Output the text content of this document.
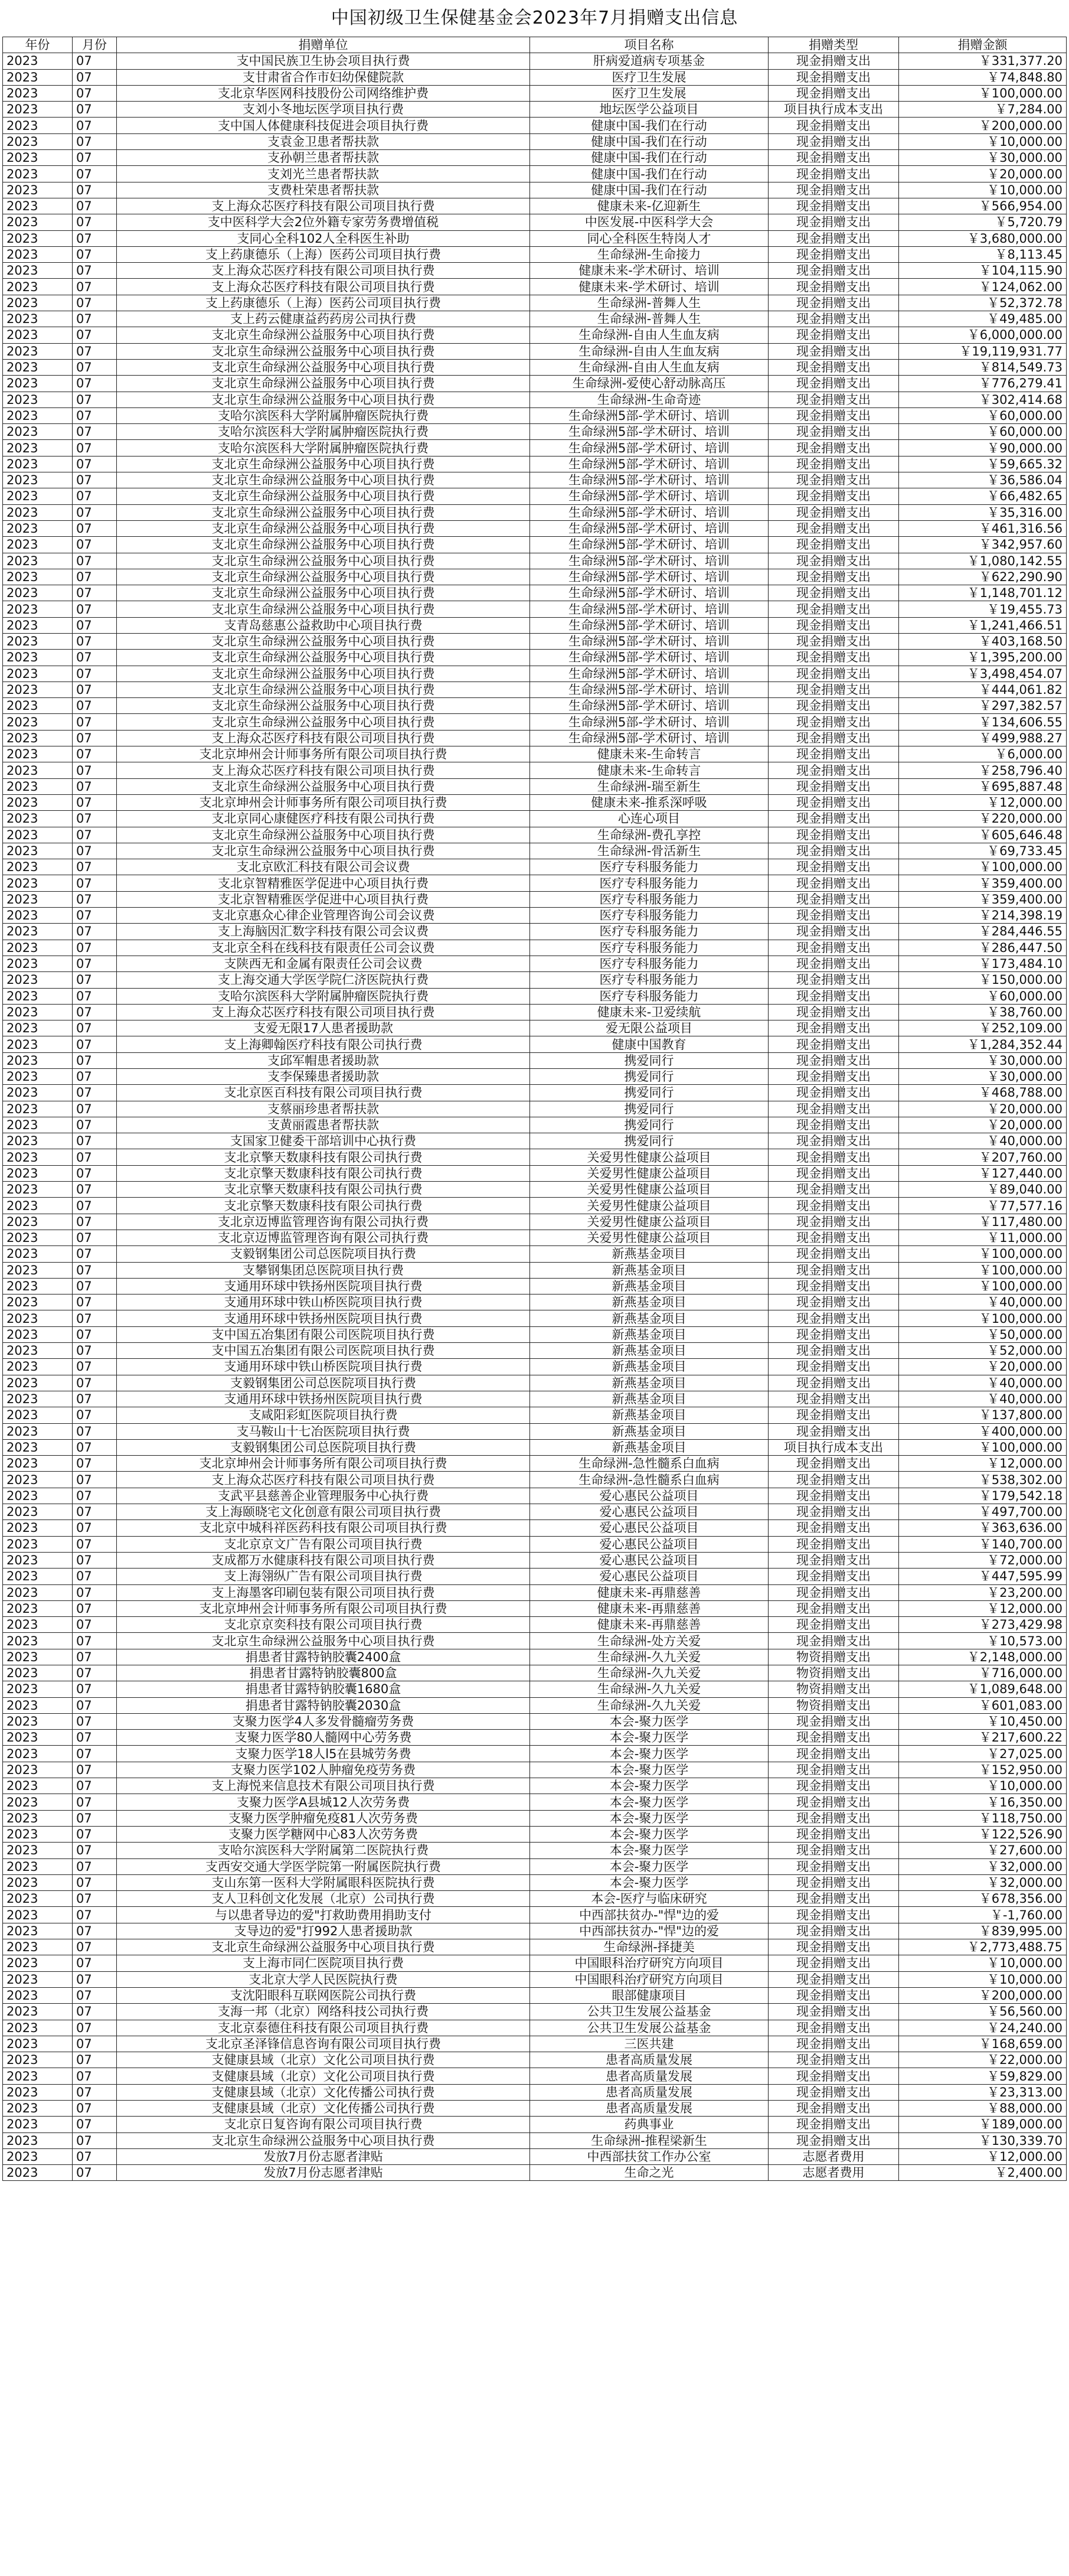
中国初级卫生保健基金会2023年7月捐赠支出信息
年份	月份	捐赠单位	项目名称	捐赠类型	捐赠金额
2023	07	支中国民族卫生协会项目执行费	肝病爱道病专项基金	现金捐赠支出	￥331,377.20
2023	07	支甘肃省合作市妇幼保健院款	医疗卫生发展	现金捐赠支出	￥74,848.80
2023	07	支北京华医网科技股份公司网络维护费	医疗卫生发展	现金捐赠支出	￥100,000.00
2023	07	支刘小冬地坛医学项目执行费	地坛医学公益项目	项目执行成本支出	￥7,284.00
2023	07	支中国人体健康科技促进会项目执行费	健康中国-我们在行动	现金捐赠支出	￥200,000.00
2023	07	支袁金卫患者帮扶款	健康中国-我们在行动	现金捐赠支出	￥10,000.00
2023	07	支孙朝兰患者帮扶款	健康中国-我们在行动	现金捐赠支出	￥30,000.00
2023	07	支刘光兰患者帮扶款	健康中国-我们在行动	现金捐赠支出	￥20,000.00
2023	07	支费杜荣患者帮扶款	健康中国-我们在行动	现金捐赠支出	￥10,000.00
2023	07	支上海众芯医疗科技有限公司项目执行费	健康未来-亿迎新生	现金捐赠支出	￥566,954.00
2023	07	支中医科学大会2位外籍专家劳务费增值税	中医发展-中医科学大会	现金捐赠支出	￥5,720.79
2023	07	支同心全科102人全科医生补助	同心全科医生特岗人才	现金捐赠支出	￥3,680,000.00
2023	07	支上药康德乐（上海）医药公司项目执行费	生命绿洲-生命接力	现金捐赠支出	￥8,113.45
2023	07	支上海众芯医疗科技有限公司项目执行费	健康未来-学术研讨、培训	现金捐赠支出	￥104,115.90
2023	07	支上海众芯医疗科技有限公司项目执行费	健康未来-学术研讨、培训	现金捐赠支出	￥124,062.00
2023	07	支上药康德乐（上海）医药公司项目执行费	生命绿洲-普舞人生	现金捐赠支出	￥52,372.78
2023	07	支上药云健康益药药房公司执行费	生命绿洲-普舞人生	现金捐赠支出	￥49,485.00
2023	07	支北京生命绿洲公益服务中心项目执行费	生命绿洲-自由人生血友病	现金捐赠支出	￥6,000,000.00
2023	07	支北京生命绿洲公益服务中心项目执行费	生命绿洲-自由人生血友病	现金捐赠支出	￥19,119,931.77
2023	07	支北京生命绿洲公益服务中心项目执行费	生命绿洲-自由人生血友病	现金捐赠支出	￥814,549.73
2023	07	支北京生命绿洲公益服务中心项目执行费	生命绿洲-爱使心舒动脉高压	现金捐赠支出	￥776,279.41
2023	07	支北京生命绿洲公益服务中心项目执行费	生命绿洲-生命奇迹	现金捐赠支出	￥302,414.68
2023	07	支哈尔滨医科大学附属肿瘤医院执行费	生命绿洲5部-学术研讨、培训	现金捐赠支出	￥60,000.00
2023	07	支哈尔滨医科大学附属肿瘤医院执行费	生命绿洲5部-学术研讨、培训	现金捐赠支出	￥60,000.00
2023	07	支哈尔滨医科大学附属肿瘤医院执行费	生命绿洲5部-学术研讨、培训	现金捐赠支出	￥90,000.00
2023	07	支北京生命绿洲公益服务中心项目执行费	生命绿洲5部-学术研讨、培训	现金捐赠支出	￥59,665.32
2023	07	支北京生命绿洲公益服务中心项目执行费	生命绿洲5部-学术研讨、培训	现金捐赠支出	￥36,586.04
2023	07	支北京生命绿洲公益服务中心项目执行费	生命绿洲5部-学术研讨、培训	现金捐赠支出	￥66,482.65
2023	07	支北京生命绿洲公益服务中心项目执行费	生命绿洲5部-学术研讨、培训	现金捐赠支出	￥35,316.00
2023	07	支北京生命绿洲公益服务中心项目执行费	生命绿洲5部-学术研讨、培训	现金捐赠支出	￥461,316.56
2023	07	支北京生命绿洲公益服务中心项目执行费	生命绿洲5部-学术研讨、培训	现金捐赠支出	￥342,957.60
2023	07	支北京生命绿洲公益服务中心项目执行费	生命绿洲5部-学术研讨、培训	现金捐赠支出	￥1,080,142.55
2023	07	支北京生命绿洲公益服务中心项目执行费	生命绿洲5部-学术研讨、培训	现金捐赠支出	￥622,290.90
2023	07	支北京生命绿洲公益服务中心项目执行费	生命绿洲5部-学术研讨、培训	现金捐赠支出	￥1,148,701.12
2023	07	支北京生命绿洲公益服务中心项目执行费	生命绿洲5部-学术研讨、培训	现金捐赠支出	￥19,455.73
2023	07	支青岛慈惠公益救助中心项目执行费	生命绿洲5部-学术研讨、培训	现金捐赠支出	￥1,241,466.51
2023	07	支北京生命绿洲公益服务中心项目执行费	生命绿洲5部-学术研讨、培训	现金捐赠支出	￥403,168.50
2023	07	支北京生命绿洲公益服务中心项目执行费	生命绿洲5部-学术研讨、培训	现金捐赠支出	￥1,395,200.00
2023	07	支北京生命绿洲公益服务中心项目执行费	生命绿洲5部-学术研讨、培训	现金捐赠支出	￥3,498,454.07
2023	07	支北京生命绿洲公益服务中心项目执行费	生命绿洲5部-学术研讨、培训	现金捐赠支出	￥444,061.82
2023	07	支北京生命绿洲公益服务中心项目执行费	生命绿洲5部-学术研讨、培训	现金捐赠支出	￥297,382.57
2023	07	支北京生命绿洲公益服务中心项目执行费	生命绿洲5部-学术研讨、培训	现金捐赠支出	￥134,606.55
2023	07	支上海众芯医疗科技有限公司项目执行费	生命绿洲5部-学术研讨、培训	现金捐赠支出	￥499,988.27
2023	07	支北京坤州会计师事务所有限公司项目执行费	健康未来-生命转言	现金捐赠支出	￥6,000.00
2023	07	支上海众芯医疗科技有限公司项目执行费	健康未来-生命转言	现金捐赠支出	￥258,796.40
2023	07	支北京生命绿洲公益服务中心项目执行费	生命绿洲-瑞至新生	现金捐赠支出	￥695,887.48
2023	07	支北京坤州会计师事务所有限公司项目执行费	健康未来-推系深呼吸	现金捐赠支出	￥12,000.00
2023	07	支北京同心康健医疗科技有限公司执行费	心连心项目	现金捐赠支出	￥220,000.00
2023	07	支北京生命绿洲公益服务中心项目执行费	生命绿洲-费孔享控	现金捐赠支出	￥605,646.48
2023	07	支北京生命绿洲公益服务中心项目执行费	生命绿洲-骨活新生	现金捐赠支出	￥69,733.45
2023	07	支北京欧汇科技有限公司会议费	医疗专科服务能力	现金捐赠支出	￥100,000.00
2023	07	支北京智精雅医学促进中心项目执行费	医疗专科服务能力	现金捐赠支出	￥359,400.00
2023	07	支北京智精雅医学促进中心项目执行费	医疗专科服务能力	现金捐赠支出	￥359,400.00
2023	07	支北京惠众心律企业管理咨询公司会议费	医疗专科服务能力	现金捐赠支出	￥214,398.19
2023	07	支上海脑因汇数字科技有限公司会议费	医疗专科服务能力	现金捐赠支出	￥284,446.55
2023	07	支北京全科在线科技有限责任公司会议费	医疗专科服务能力	现金捐赠支出	￥286,447.50
2023	07	支陕西无和金属有限责任公司会议费	医疗专科服务能力	现金捐赠支出	￥173,484.10
2023	07	支上海交通大学医学院仁济医院执行费	医疗专科服务能力	现金捐赠支出	￥150,000.00
2023	07	支哈尔滨医科大学附属肿瘤医院执行费	医疗专科服务能力	现金捐赠支出	￥60,000.00
2023	07	支上海众芯医疗科技有限公司项目执行费	健康未来-卫爱续航	现金捐赠支出	￥38,760.00
2023	07	支爱无限17人患者援助款	爱无限公益项目	现金捐赠支出	￥252,109.00
2023	07	支上海卿翰医疗科技有限公司执行费	健康中国教育	现金捐赠支出	￥1,284,352.44
2023	07	支邱军帽患者援助款	携爱同行	现金捐赠支出	￥30,000.00
2023	07	支李保臻患者援助款	携爱同行	现金捐赠支出	￥30,000.00
2023	07	支北京医百科技有限公司项目执行费	携爱同行	现金捐赠支出	￥468,788.00
2023	07	支蔡丽珍患者帮扶款	携爱同行	现金捐赠支出	￥20,000.00
2023	07	支黄丽霞患者帮扶款	携爱同行	现金捐赠支出	￥20,000.00
2023	07	支国家卫健委干部培训中心执行费	携爱同行	现金捐赠支出	￥40,000.00
2023	07	支北京擎天数康科技有限公司执行费	关爱男性健康公益项目	现金捐赠支出	￥207,760.00
2023	07	支北京擎天数康科技有限公司执行费	关爱男性健康公益项目	现金捐赠支出	￥127,440.00
2023	07	支北京擎天数康科技有限公司执行费	关爱男性健康公益项目	现金捐赠支出	￥89,040.00
2023	07	支北京擎天数康科技有限公司执行费	关爱男性健康公益项目	现金捐赠支出	￥77,577.16
2023	07	支北京迈博监管理咨询有限公司执行费	关爱男性健康公益项目	现金捐赠支出	￥117,480.00
2023	07	支北京迈博监管理咨询有限公司执行费	关爱男性健康公益项目	现金捐赠支出	￥11,000.00
2023	07	支毅钢集团公司总医院项目执行费	新燕基金项目	现金捐赠支出	￥100,000.00
2023	07	支攀钢集团总医院项目执行费	新燕基金项目	现金捐赠支出	￥100,000.00
2023	07	支通用环球中铁扬州医院项目执行费	新燕基金项目	现金捐赠支出	￥100,000.00
2023	07	支通用环球中铁山桥医院项目执行费	新燕基金项目	现金捐赠支出	￥40,000.00
2023	07	支通用环球中铁扬州医院项目执行费	新燕基金项目	现金捐赠支出	￥100,000.00
2023	07	支中国五冶集团有限公司医院项目执行费	新燕基金项目	现金捐赠支出	￥50,000.00
2023	07	支中国五冶集团有限公司医院项目执行费	新燕基金项目	现金捐赠支出	￥52,000.00
2023	07	支通用环球中铁山桥医院项目执行费	新燕基金项目	现金捐赠支出	￥20,000.00
2023	07	支毅钢集团公司总医院项目执行费	新燕基金项目	现金捐赠支出	￥40,000.00
2023	07	支通用环球中铁扬州医院项目执行费	新燕基金项目	现金捐赠支出	￥40,000.00
2023	07	支咸阳彩虹医院项目执行费	新燕基金项目	现金捐赠支出	￥137,800.00
2023	07	支马鞍山十七冶医院项目执行费	新燕基金项目	现金捐赠支出	￥400,000.00
2023	07	支毅钢集团公司总医院项目执行费	新燕基金项目	项目执行成本支出	￥100,000.00
2023	07	支北京坤州会计师事务所有限公司项目执行费	生命绿洲-急性髓系白血病	现金捐赠支出	￥12,000.00
2023	07	支上海众芯医疗科技有限公司项目执行费	生命绿洲-急性髓系白血病	现金捐赠支出	￥538,302.00
2023	07	支武平县慈善企业管理服务中心执行费	爱心惠民公益项目	现金捐赠支出	￥179,542.18
2023	07	支上海颐晓宅文化创意有限公司项目执行费	爱心惠民公益项目	现金捐赠支出	￥497,700.00
2023	07	支北京中城科祥医药科技有限公司项目执行费	爱心惠民公益项目	现金捐赠支出	￥363,636.00
2023	07	支北京京文广告有限公司项目执行费	爱心惠民公益项目	现金捐赠支出	￥140,700.00
2023	07	支成都万水健康科技有限公司项目执行费	爱心惠民公益项目	现金捐赠支出	￥72,000.00
2023	07	支上海翎纵广告有限公司项目执行费	爱心惠民公益项目	现金捐赠支出	￥447,595.99
2023	07	支上海墨客印刷包装有限公司项目执行费	健康未来-再鼎慈善	现金捐赠支出	￥23,200.00
2023	07	支北京坤州会计师事务所有限公司项目执行费	健康未来-再鼎慈善	现金捐赠支出	￥12,000.00
2023	07	支北京京奕科技有限公司项目执行费	健康未来-再鼎慈善	现金捐赠支出	￥273,429.98
2023	07	支北京生命绿洲公益服务中心项目执行费	生命绿洲-处方关爱	现金捐赠支出	￥10,573.00
2023	07	捐患者甘露特钠胶囊2400盒	生命绿洲-久九关爱	物资捐赠支出	￥2,148,000.00
2023	07	捐患者甘露特钠胶囊800盒	生命绿洲-久九关爱	物资捐赠支出	￥716,000.00
2023	07	捐患者甘露特钠胶囊1680盒	生命绿洲-久九关爱	物资捐赠支出	￥1,089,648.00
2023	07	捐患者甘露特钠胶囊2030盒	生命绿洲-久九关爱	物资捐赠支出	￥601,083.00
2023	07	支聚力医学4人多发骨髓瘤劳务费	本会-聚力医学	现金捐赠支出	￥10,450.00
2023	07	支聚力医学80人髓网中心劳务费	本会-聚力医学	现金捐赠支出	￥217,600.22
2023	07	支聚力医学18人l5在县城劳务费	本会-聚力医学	现金捐赠支出	￥27,025.00
2023	07	支聚力医学102人肿瘤免疫劳务费	本会-聚力医学	现金捐赠支出	￥152,950.00
2023	07	支上海悦来信息技术有限公司项目执行费	本会-聚力医学	现金捐赠支出	￥10,000.00
2023	07	支聚力医学A县城12人次劳务费	本会-聚力医学	现金捐赠支出	￥16,350.00
2023	07	支聚力医学肿瘤免疫81人次劳务费	本会-聚力医学	现金捐赠支出	￥118,750.00
2023	07	支聚力医学糖网中心83人次劳务费	本会-聚力医学	现金捐赠支出	￥122,526.90
2023	07	支哈尔滨医科大学附属第二医院执行费	本会-聚力医学	现金捐赠支出	￥27,600.00
2023	07	支西安交通大学医学院第一附属医院执行费	本会-聚力医学	现金捐赠支出	￥32,000.00
2023	07	支山东第一医科大学附属眼科医院执行费	本会-聚力医学	现金捐赠支出	￥32,000.00
2023	07	支人卫科创文化发展（北京）公司执行费	本会-医疗与临床研究	现金捐赠支出	￥678,356.00
2023	07	与以患者导边的爱"打救助费用捐助支付	中西部扶贫办-"悍"边的爱	现金捐赠支出	￥-1,760.00
2023	07	支导边的爱"打992人患者援助款	中西部扶贫办-"悍"边的爱	现金捐赠支出	￥839,995.00
2023	07	支北京生命绿洲公益服务中心项目执行费	生命绿洲-择捷美	现金捐赠支出	￥2,773,488.75
2023	07	支上海市同仁医院项目执行费	中国眼科治疗研究方向项目	现金捐赠支出	￥10,000.00
2023	07	支北京大学人民医院执行费	中国眼科治疗研究方向项目	现金捐赠支出	￥10,000.00
2023	07	支沈阳眼科互联网医院公司执行费	眼部健康项目	现金捐赠支出	￥200,000.00
2023	07	支海一邦（北京）网络科技公司执行费	公共卫生发展公益基金	现金捐赠支出	￥56,560.00
2023	07	支北京泰德住科技有限公司项目执行费	公共卫生发展公益基金	现金捐赠支出	￥24,240.00
2023	07	支北京圣泽锋信息咨询有限公司项目执行费	三医共建	现金捐赠支出	￥168,659.00
2023	07	支健康县域（北京）文化公司项目执行费	患者高质量发展	现金捐赠支出	￥22,000.00
2023	07	支健康县域（北京）文化公司项目执行费	患者高质量发展	现金捐赠支出	￥59,829.00
2023	07	支健康县域（北京）文化传播公司执行费	患者高质量发展	现金捐赠支出	￥23,313.00
2023	07	支健康县域（北京）文化传播公司执行费	患者高质量发展	现金捐赠支出	￥88,000.00
2023	07	支北京日复咨询有限公司项目执行费	药典事业	现金捐赠支出	￥189,000.00
2023	07	支北京生命绿洲公益服务中心项目执行费	生命绿洲-推程梁新生	现金捐赠支出	￥130,339.70
2023	07	发放7月份志愿者津贴	中西部扶贫工作办公室	志愿者费用	￥12,000.00
2023	07	发放7月份志愿者津贴	生命之光	志愿者费用	￥2,400.00
